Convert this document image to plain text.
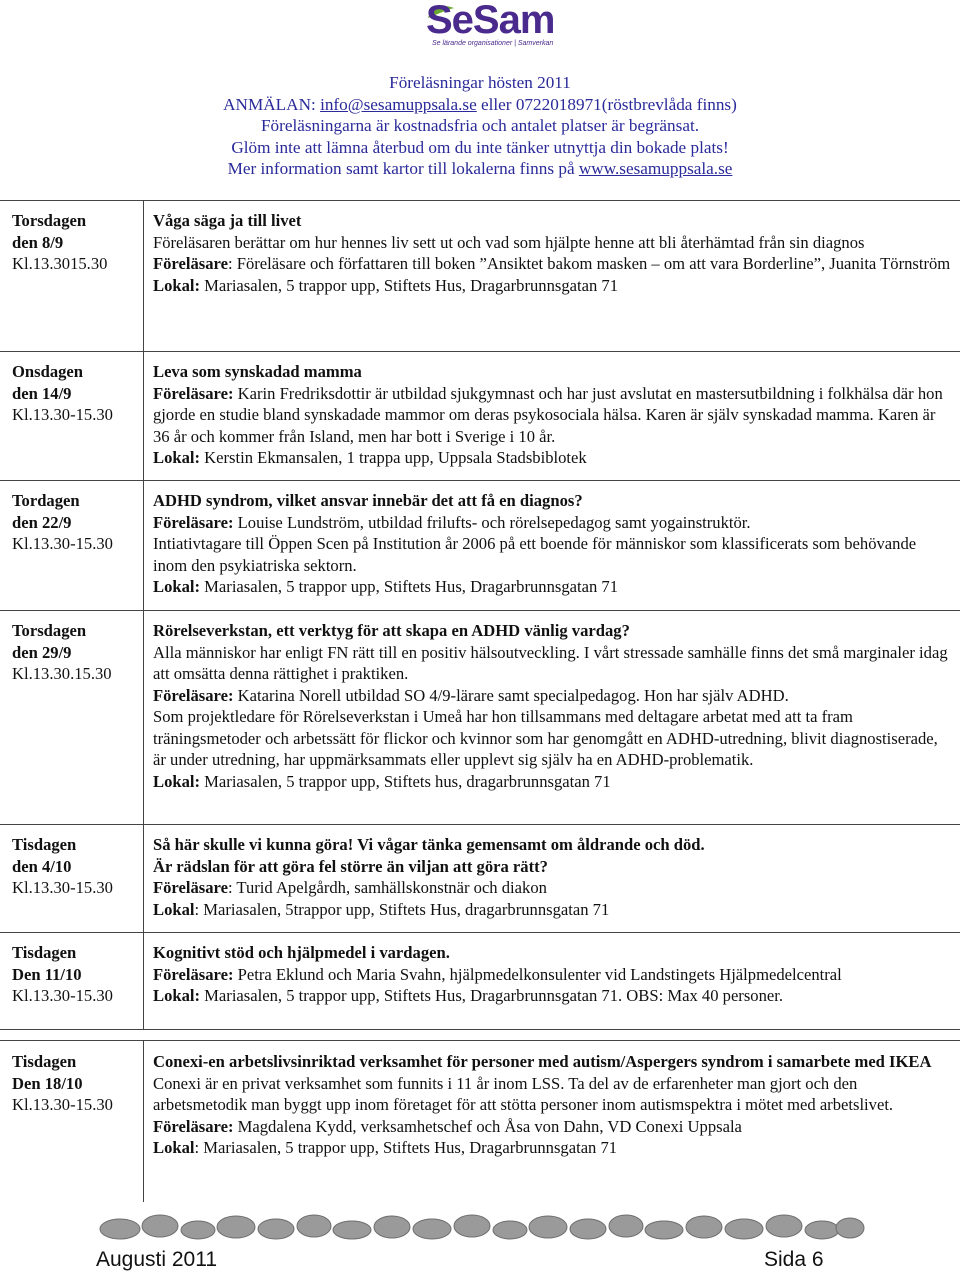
SeSam
Se lärande organisationer | Samverkan
Föreläsningar hösten 2011
ANMÄLAN: info@sesamuppsala.se eller 0722018971(röstbrevlåda finns)
Föreläsningarna är kostnadsfria och antalet platser är begränsat.
Glöm inte att lämna återbud om du inte tänker utnyttja din bokade plats!
Mer information samt kartor till lokalerna finns på www.sesamuppsala.se
Torsdagen
den 8/9
Kl.13.3015.30

Våga säga ja till livet

Föreläsaren berättar om hur hennes liv sett ut och vad som hjälpte henne att bli återhämtad från sin diagnos

Föreläsare: Föreläsare och författaren till boken ”Ansiktet bakom masken – om att vara Borderline”, Juanita Törnström

Lokal: Mariasalen, 5 trappor upp, Stiftets Hus, Dragarbrunnsgatan 71

Onsdagen
den 14/9
Kl.13.30-15.30

Leva som synskadad mamma

Föreläsare: Karin Fredriksdottir är utbildad sjukgymnast och har just avslutat en mastersutbildning i folkhälsa där hon gjorde en studie bland synskadade mammor om deras psykosociala hälsa. Karen är själv synskadad mamma. Karen är 36 år och kommer från Island, men har bott i Sverige i 10 år.

Lokal: Kerstin Ekmansalen, 1 trappa upp, Uppsala Stadsbiblotek

Tordagen
den 22/9
Kl.13.30-15.30

ADHD syndrom, vilket ansvar innebär det att få en diagnos?

Föreläsare: Louise Lundström, utbildad frilufts- och rörelsepedagog samt yogainstruktör.

Intiativtagare till Öppen Scen på Institution år 2006 på ett boende för människor som klassificerats som behövande inom den psykiatriska sektorn.

Lokal: Mariasalen, 5 trappor upp, Stiftets Hus, Dragarbrunnsgatan 71

Torsdagen
den 29/9
Kl.13.30.15.30

Rörelseverkstan, ett verktyg för att skapa en ADHD vänlig vardag?

Alla människor har enligt FN rätt till en positiv hälsoutveckling. I vårt stressade samhälle finns det små marginaler idag att omsätta denna rättighet i praktiken.

Föreläsare: Katarina Norell utbildad SO 4/9-lärare samt specialpedagog. Hon har själv ADHD.

Som projektledare för Rörelseverkstan i Umeå har hon tillsammans med deltagare arbetat med att ta fram träningsmetoder och arbetssätt för flickor och kvinnor som har genomgått en ADHD-utredning, blivit diagnostiserade, är under utredning, har uppmärksammats eller upplevt sig själv ha en ADHD-problematik.

Lokal: Mariasalen, 5 trappor upp, Stiftets hus, dragarbrunnsgatan 71

Tisdagen
den 4/10
Kl.13.30-15.30

Så här skulle vi kunna göra! Vi vågar tänka gemensamt om åldrande och död.

Är rädslan för att göra fel större än viljan att göra rätt?

Föreläsare: Turid Apelgårdh, samhällskonstnär och diakon

Lokal: Mariasalen, 5trappor upp, Stiftets Hus, dragarbrunnsgatan 71

Tisdagen
Den 11/10
Kl.13.30-15.30

Kognitivt stöd och hjälpmedel i vardagen.

Föreläsare: Petra Eklund och Maria Svahn, hjälpmedelkonsulenter vid Landstingets Hjälpmedelcentral

Lokal: Mariasalen, 5 trappor upp, Stiftets Hus, Dragarbrunnsgatan 71. OBS: Max 40 personer.

Tisdagen
Den 18/10
Kl.13.30-15.30

Conexi-en arbetslivsinriktad verksamhet för personer med autism/Aspergers syndrom i samarbete med IKEA

Conexi är en privat verksamhet som funnits i 11 år inom LSS. Ta del av de erfarenheter man gjort och den arbetsmetodik man byggt upp inom företaget för att stötta personer inom autismspektra i mötet med arbetslivet.

Föreläsare: Magdalena Kydd, verksamhetschef och Åsa von Dahn, VD Conexi Uppsala

Lokal: Mariasalen, 5 trappor upp, Stiftets Hus, Dragarbrunnsgatan 71

Augusti 2011	Sida 6
